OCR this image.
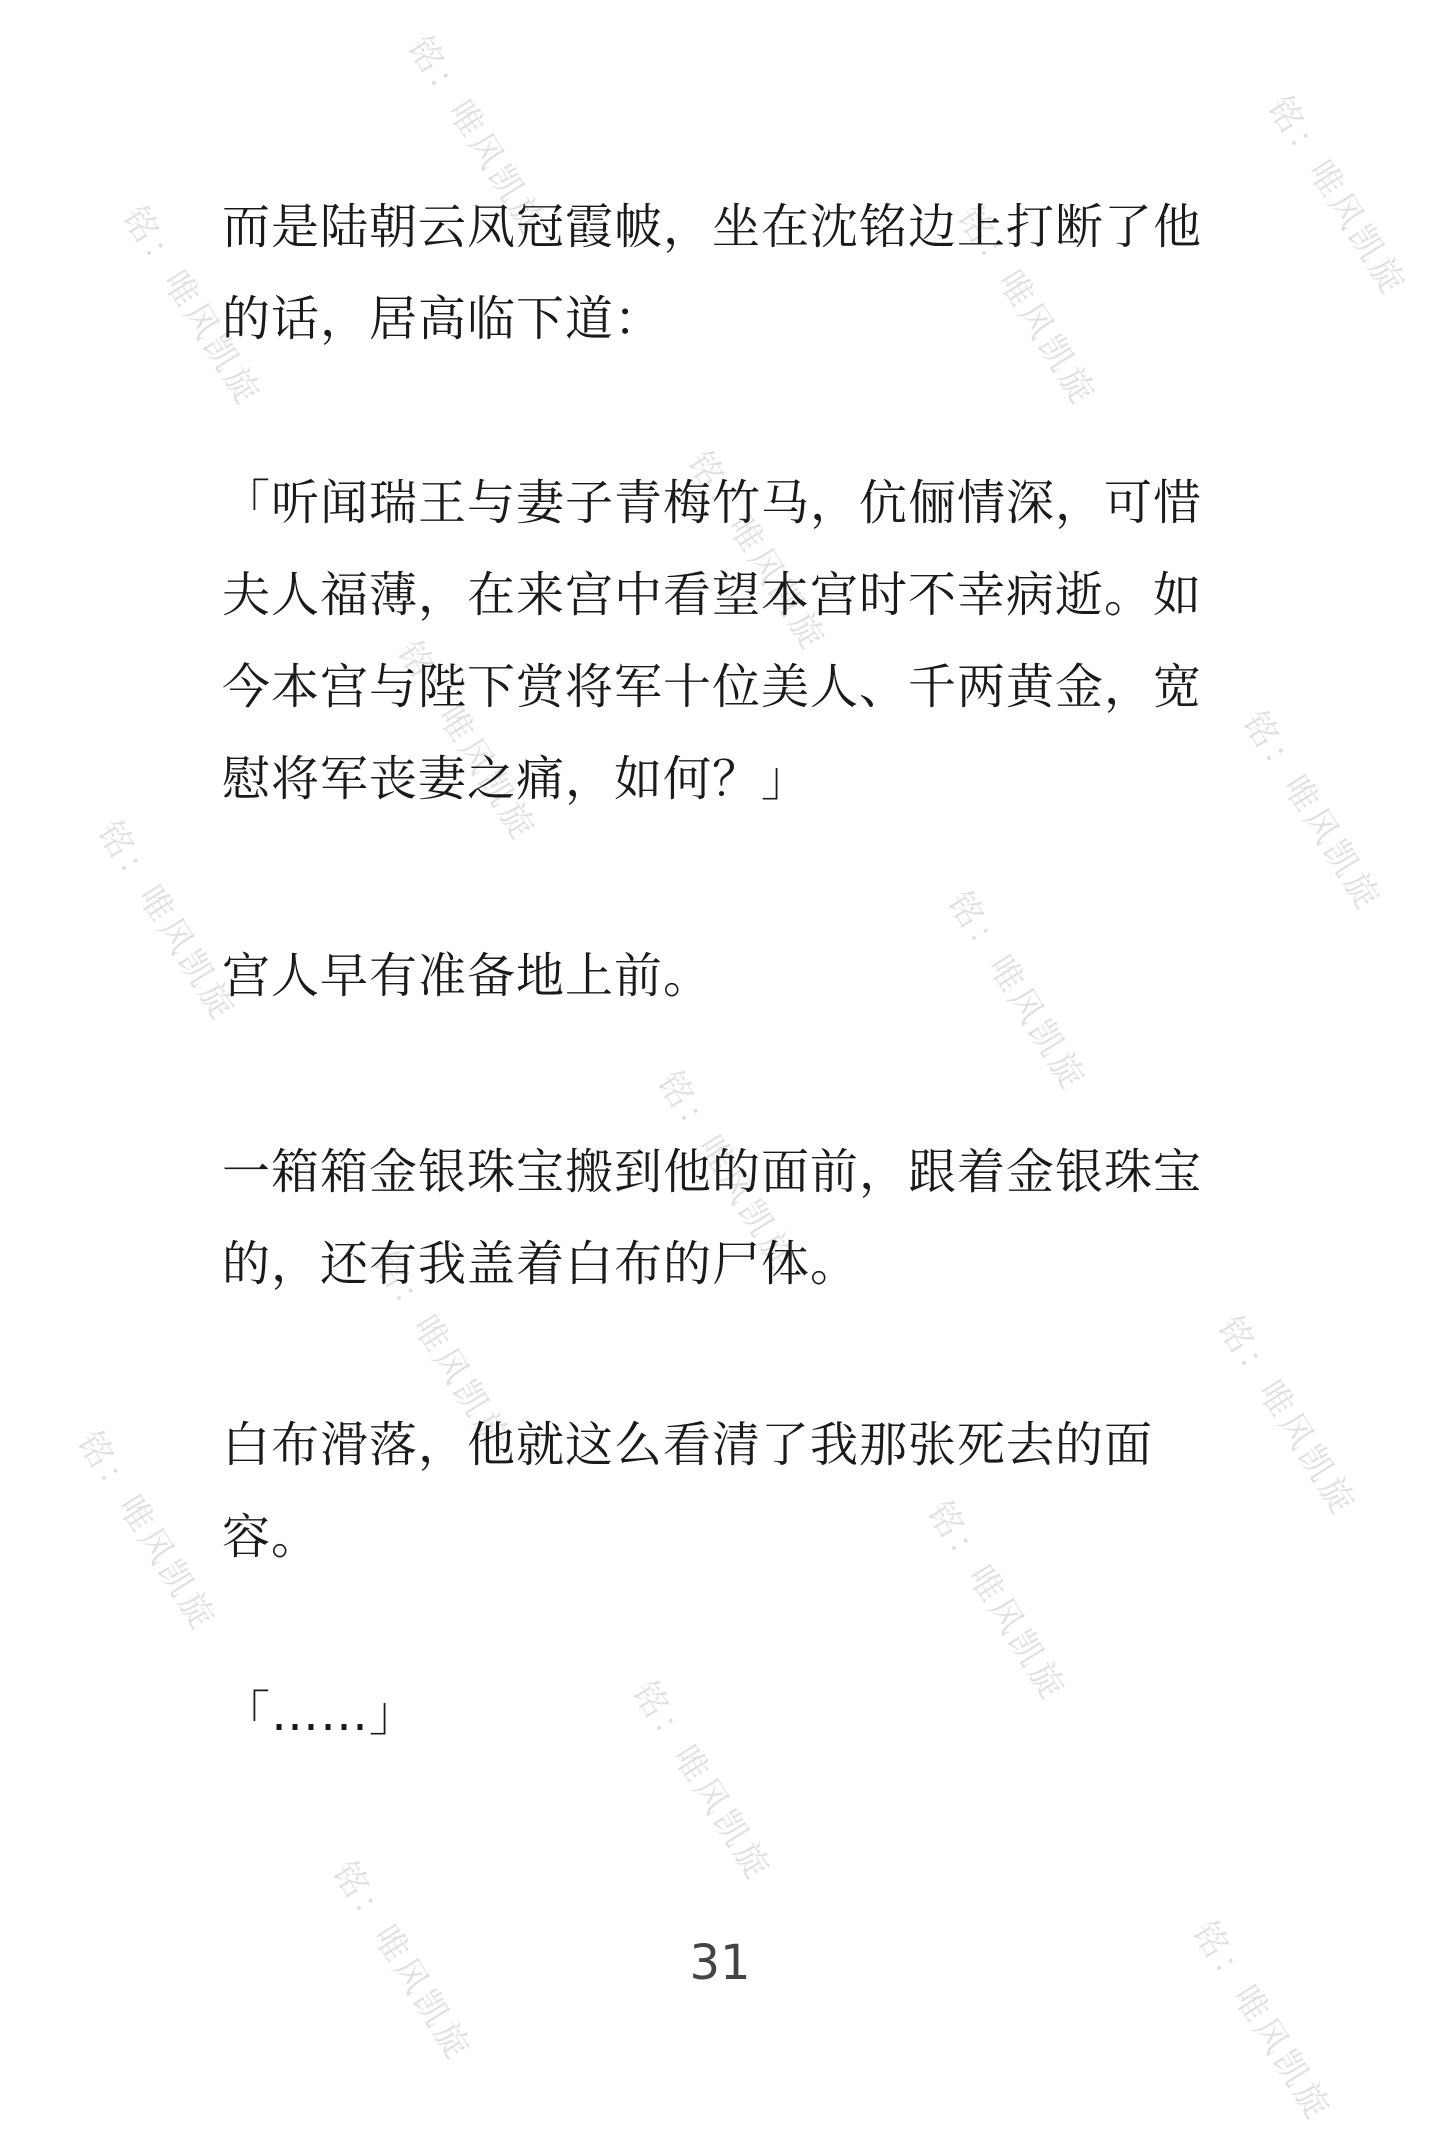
铭：唯风凯旋
铭：唯风凯旋	铭：唯风凯旋
铭：唯风凯旋
铭：唯风凯旋
铭：唯风凯旋	铭：唯风凯旋
铭：唯风凯旋	铭：唯风凯旋
铭：唯风凯旋
铭：唯风凯旋	铭：唯风凯旋
铭：唯风凯旋	铭：唯风凯旋
铭：唯风凯旋
铭：唯风凯旋	铭：唯风凯旋

而是陆朝云凤冠霞帔，坐在沈铭边上打断了他的话，居高临下道：

「听闻瑞王与妻子青梅竹马，伉俪情深，可惜夫人福薄，在来宫中看望本宫时不幸病逝。如今本宫与陛下赏将军十位美人、千两黄金，宽慰将军丧妻之痛，如何？」

宫人早有准备地上前。

一箱箱金银珠宝搬到他的面前，跟着金银珠宝的，还有我盖着白布的尸体。

白布滑落，他就这么看清了我那张死去的面容。

「……」

31
